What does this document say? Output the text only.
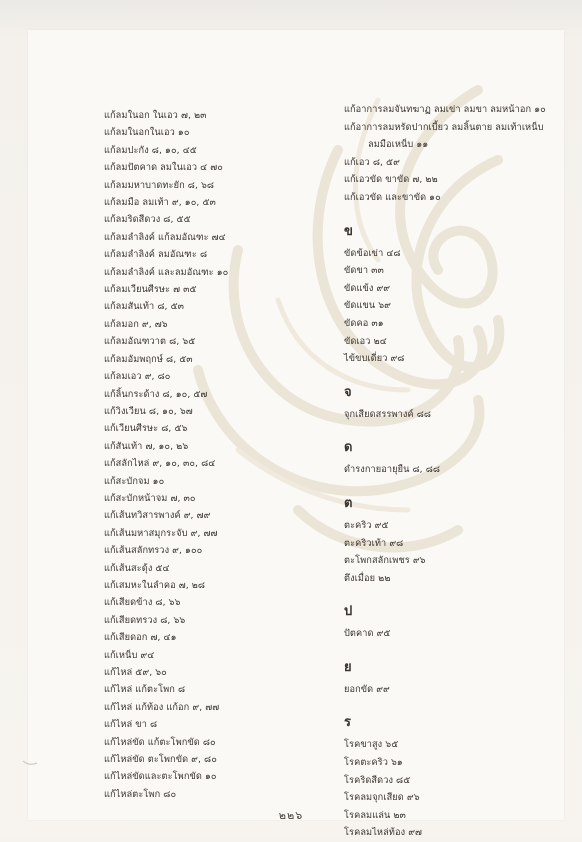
แก้ลมในอก ในเอว ๗, ๒๓
แก้ลมในอกในเอว ๑๐
แก้ลมปะกัง ๘, ๑๐, ๔๕
แก้ลมปัตคาด ลมในเอว ๔ ๗๐
แก้ลมมหาบาดทะยัก ๘, ๖๘
แก้ลมมือ ลมเท้า ๙, ๑๐, ๕๓
แก้ลมริดสีดวง ๘, ๕๕
แก้ลมลำลิงค์ แก้ลมอัณฑะ ๗๔
แก้ลมลำลิงค์ ลมอัณฑะ ๘
แก้ลมลำลิงค์ และลมอัณฑะ ๑๐
แก้ลมเวียนศีรษะ ๗ ๓๕
แก้ลมสันเท้า ๘, ๕๓
แก้ลมอก ๙, ๗๖
แก้ลมอัณฑวาต ๘, ๖๕
แก้ลมอัมพฤกษ์ ๘, ๕๓
แก้ลมเอว ๙, ๘๐
แก้ลิ้นกระด้าง ๘, ๑๐, ๕๗
แก้วิงเวียน ๘, ๑๐, ๖๗
แก้เวียนศีรษะ ๘, ๕๖
แก้สันเท้า ๗, ๑๐, ๒๖
แก้สลักไหล่ ๙, ๑๐, ๓๐, ๘๔
แก้สะบักจม ๑๐
แก้สะบักหน้าจม ๗, ๓๐
แก้เส้นทวิสารพางค์ ๙, ๗๙
แก้เส้นมหาสมุกระจับ ๙, ๗๗
แก้เส้นสลักทรวง ๙, ๑๐๐
แก้เส้นสะดุ้ง ๕๔
แก้เสมหะในลำคอ ๗, ๒๘
แก้เสียดข้าง ๘, ๖๖
แก้เสียดทรวง ๘, ๖๖
แก้เสียดอก ๗, ๔๑
แก้เหน็บ ๙๔
แก้ไหล่ ๕๙, ๖๐
แก้ไหล่ แก้ตะโพก ๘
แก้ไหล่ แก้ท้อง แก้อก ๙, ๗๗
แก้ไหล่ ขา ๘
แก้ไหล่ขัด แก้ตะโพกขัด ๘๐
แก้ไหล่ขัด ตะโพกขัด ๙, ๘๐
แก้ไหล่ขัดและตะโพกขัด ๑๐
แก้ไหล่ตะโพก ๘๐
แก้อาการลมจันทฆาฏ ลมเข่า ลมขา ลมหน้าอก ๑๐
แก้อาการลมหรัดปากเบี้ยว ลมลิ้นตาย ลมเท้าเหน็บ
ลมมือเหน็บ ๑๑
แก้เอว ๘, ๕๙
แก้เอวขัด ขาขัด ๗, ๒๒
แก้เอวขัด และขาขัด ๑๐
ข
ขัดข้อเข่า ๔๘
ขัดขา ๓๓
ขัดแข้ง ๙๙
ขัดแขน ๖๙
ขัดคอ ๓๑
ขัดเอว ๒๔
ไข้ขบเดี่ยว ๙๘
จ
จุกเสียดสรรพางค์ ๘๘
ด
ดำรงกายอายุยืน ๘, ๘๘
ต
ตะคริว ๙๕
ตะคริวเท้า ๙๘
ตะโพกสลักเพชร ๙๖
ตึงเมื่อย ๒๒
ป
ปัตคาด ๙๕
ย
ยอกขัด ๙๙
ร
โรคขาสูง ๖๕
โรคตะคริว ๖๑
โรคริดสีดวง ๘๕
โรคลมจุกเสียด ๙๖
โรคลมแล่น ๒๓
โรคลมไหล่ท้อง ๙๗
๒๒๖
